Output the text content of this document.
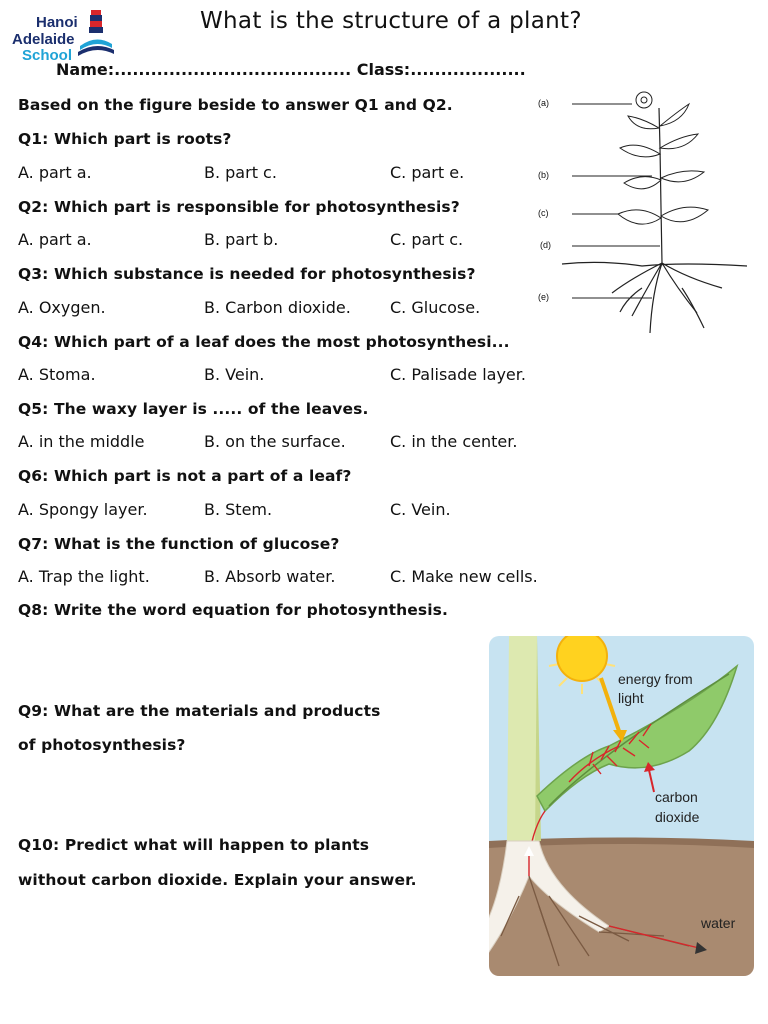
Hanoi
Adelaide
School
What is the structure of a plant?
Name:....................................... Class:...................
Based on the figure beside to answer Q1 and Q2.
Q1: Which part is roots?
A. part a.	B. part c.	C. part e.
Q2: Which part is responsible for photosynthesis?
A. part a.	B. part b.	C. part c.
Q3: Which substance is needed for photosynthesis?
A. Oxygen.	B. Carbon dioxide. C. Glucose.
Q4: Which part of a leaf does the most photosynthesi...
A. Stoma.	B. Vein.	C. Palisade layer.
Q5: The waxy layer is ..... of the leaves.
A. in the middle	B. on the surface.	C. in the center.
Q6: Which part is not a part of a leaf?
A. Spongy layer.	B. Stem.	C. Vein.
Q7: What is the function of glucose?
A. Trap the light.	B. Absorb water.	C. Make new cells.
Q8: Write the word equation for photosynthesis.
Q9: What are the materials and products
of photosynthesis?
Q10: Predict what will happen to plants
without carbon dioxide. Explain your answer.
(a)
(b)
(c)
(d)
(e)
energy from
light
carbon
dioxide
water
